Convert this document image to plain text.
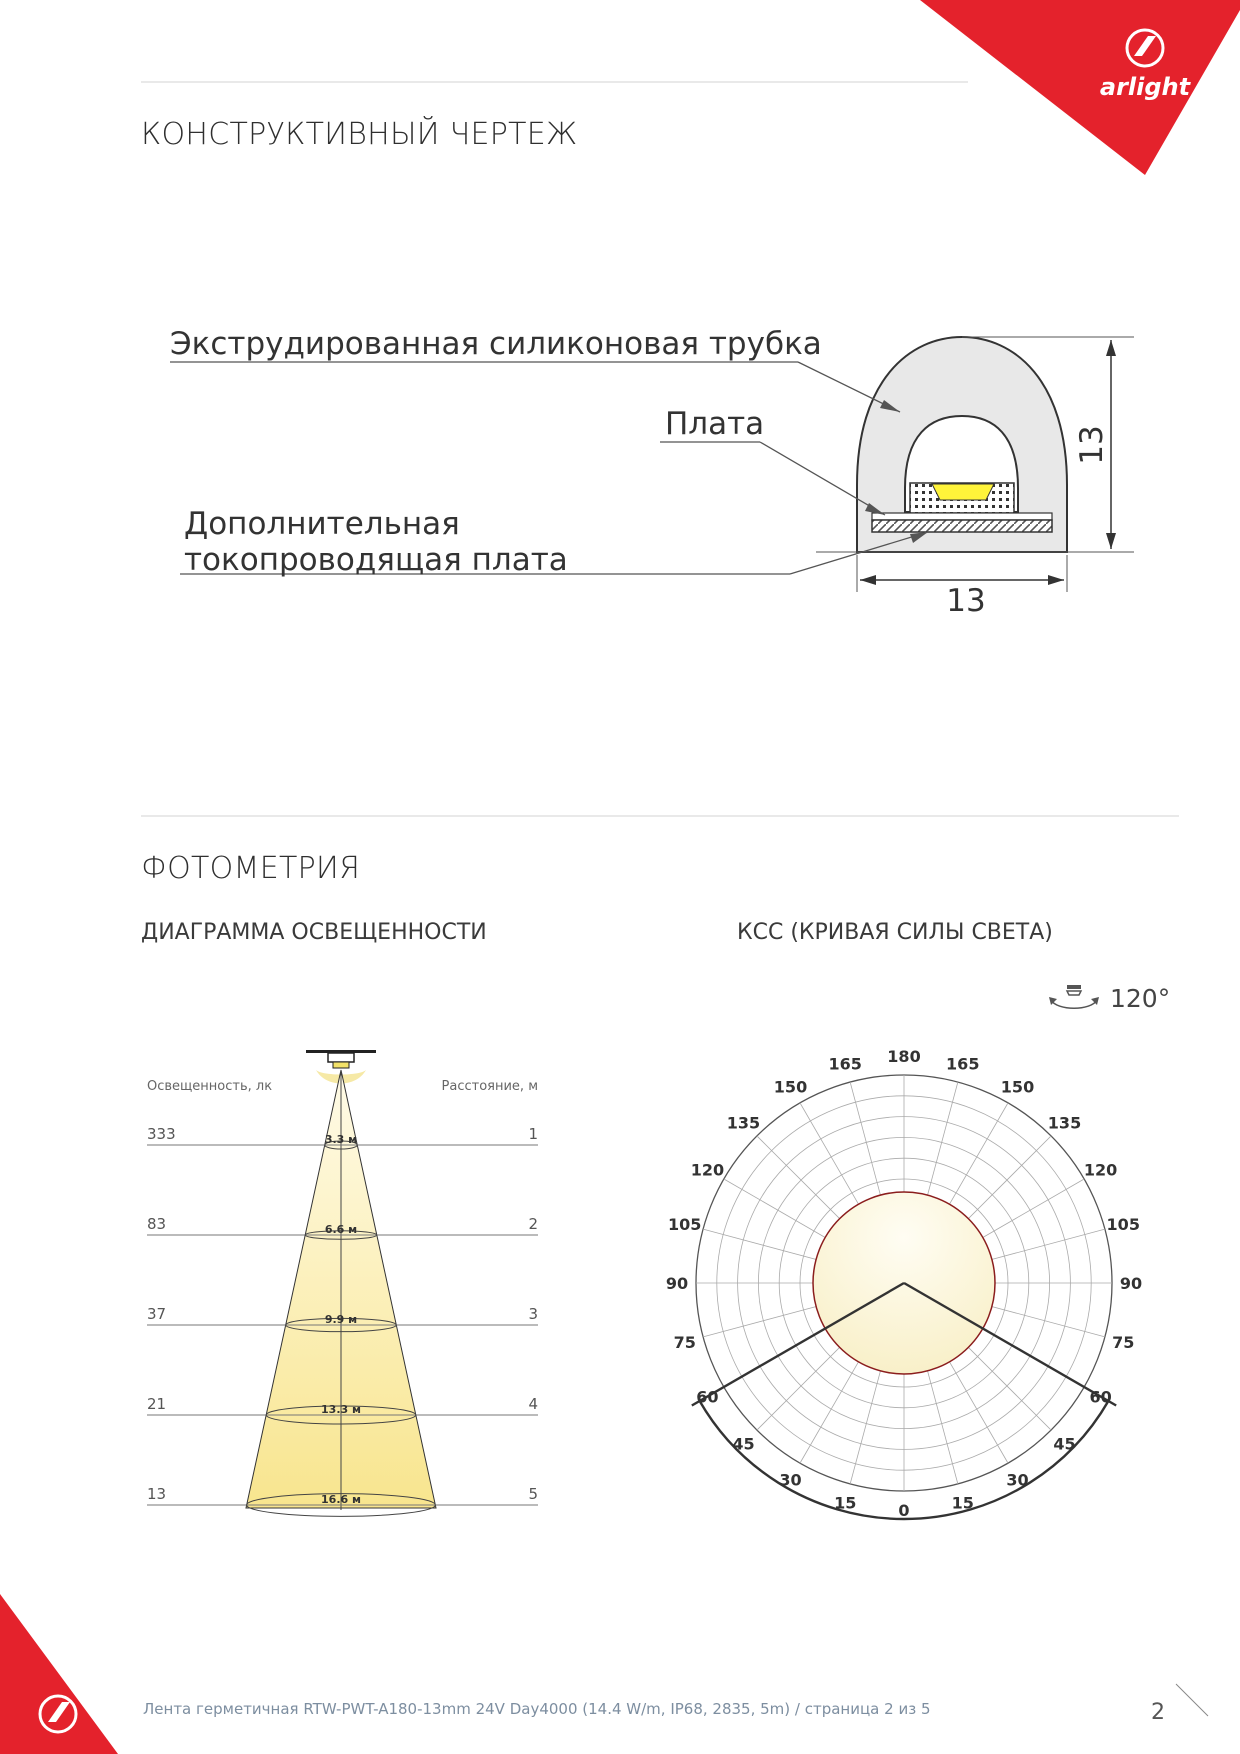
arlight
КОНСТРУКТИВНЫЙ ЧЕРТЕЖ
Экструдированная силиконовая трубка
Плата
Дополнительная
токопроводящая плата
13
13
ФОТОМЕТРИЯ
ДИАГРАММА ОСВЕЩЕННОСТИ	КСС (КРИВАЯ СИЛЫ СВЕТА)
333	1
3.3 м
83	2
6.6 м
37	3
9.9 м
21	4
13.3 м
13	5
16.6 м
Освещенность, лк	Расстояние, м
120°
0
15
30
45
60
75
90
105
120
135
150
165 180
15
30
45
60
75
90
105
120
135
150
165
Лента герметичная RTW-PWT-A180-13mm 24V Day4000 (14.4 W/m, IP68, 2835, 5m) / страница 2 из 5	2
